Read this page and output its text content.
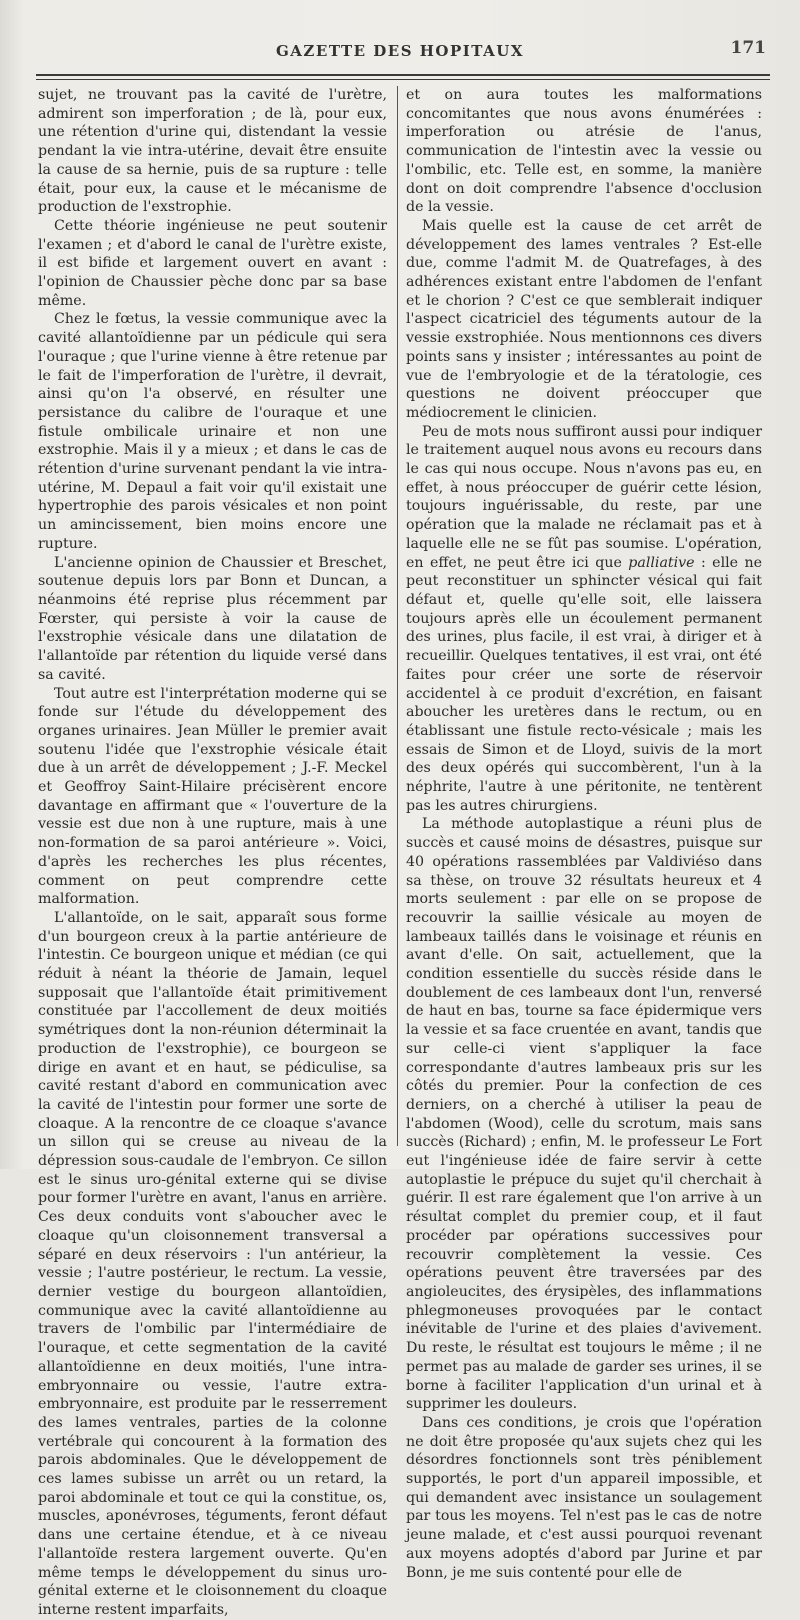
GAZETTE DES HOPITAUX	171

sujet, ne trouvant pas la cavité de l'urètre, admirent son imperforation ; de là, pour eux, une rétention d'urine qui, distendant la vessie pendant la vie intra-utérine, devait être ensuite la cause de sa hernie, puis de sa rupture : telle était, pour eux, la cause et le mécanisme de production de l'exstrophie.

Cette théorie ingénieuse ne peut soutenir l'examen ; et d'abord le canal de l'urètre existe, il est bifide et largement ouvert en avant : l'opinion de Chaussier pèche donc par sa base même.

Chez le fœtus, la vessie communique avec la cavité allantoïdienne par un pédicule qui sera l'ouraque ; que l'urine vienne à être retenue par le fait de l'imperforation de l'urètre, il devrait, ainsi qu'on l'a observé, en résulter une persistance du calibre de l'ouraque et une fistule ombilicale urinaire et non une exstrophie. Mais il y a mieux ; et dans le cas de rétention d'urine survenant pendant la vie intra-utérine, M. Depaul a fait voir qu'il existait une hypertrophie des parois vésicales et non point un amincissement, bien moins encore une rupture.

L'ancienne opinion de Chaussier et Breschet, soutenue depuis lors par Bonn et Duncan, a néanmoins été reprise plus récemment par Fœrster, qui persiste à voir la cause de l'exstrophie vésicale dans une dilatation de l'allantoïde par rétention du liquide versé dans sa cavité.

Tout autre est l'interprétation moderne qui se fonde sur l'étude du développement des organes urinaires. Jean Müller le premier avait soutenu l'idée que l'exstrophie vésicale était due à un arrêt de développement ; J.-F. Meckel et Geoffroy Saint-Hilaire précisèrent encore davantage en affirmant que « l'ouverture de la vessie est due non à une rupture, mais à une non-formation de sa paroi antérieure ». Voici, d'après les recherches les plus récentes, comment on peut comprendre cette malformation.

L'allantoïde, on le sait, apparaît sous forme d'un bourgeon creux à la partie antérieure de l'intestin. Ce bourgeon unique et médian (ce qui réduit à néant la théorie de Jamain, lequel supposait que l'allantoïde était primitivement constituée par l'accollement de deux moitiés symétriques dont la non-réunion déterminait la production de l'exstrophie), ce bourgeon se dirige en avant et en haut, se pédiculise, sa cavité restant d'abord en communication avec la cavité de l'intestin pour former une sorte de cloaque. A la rencontre de ce cloaque s'avance un sillon qui se creuse au niveau de la dépression sous-caudale de l'embryon. Ce sillon est le sinus uro-génital externe qui se divise pour former l'urètre en avant, l'anus en arrière. Ces deux conduits vont s'aboucher avec le cloaque qu'un cloisonnement transversal a séparé en deux réservoirs : l'un antérieur, la vessie ; l'autre postérieur, le rectum. La vessie, dernier vestige du bourgeon allantoïdien, communique avec la cavité allantoïdienne au travers de l'ombilic par l'intermédiaire de l'ouraque, et cette segmentation de la cavité allantoïdienne en deux moitiés, l'une intra-embryonnaire ou vessie, l'autre extra-embryonnaire, est produite par le resserrement des lames ventrales, parties de la colonne vertébrale qui concourent à la formation des parois abdominales. Que le développement de ces lames subisse un arrêt ou un retard, la paroi abdominale et tout ce qui la constitue, os, muscles, aponévroses, téguments, feront défaut dans une certaine étendue, et à ce niveau l'allantoïde restera largement ouverte. Qu'en même temps le développement du sinus uro-génital externe et le cloisonnement du cloaque interne restent imparfaits,

et on aura toutes les malformations concomitantes que nous avons énumérées : imperforation ou atrésie de l'anus, communication de l'intestin avec la vessie ou l'ombilic, etc. Telle est, en somme, la manière dont on doit comprendre l'absence d'occlusion de la vessie.

Mais quelle est la cause de cet arrêt de développement des lames ventrales ? Est-elle due, comme l'admit M. de Quatrefages, à des adhérences existant entre l'abdomen de l'enfant et le chorion ? C'est ce que semblerait indiquer l'aspect cicatriciel des téguments autour de la vessie exstrophiée. Nous mentionnons ces divers points sans y insister ; intéressantes au point de vue de l'embryologie et de la tératologie, ces questions ne doivent préoccuper que médiocrement le clinicien.

Peu de mots nous suffiront aussi pour indiquer le traitement auquel nous avons eu recours dans le cas qui nous occupe. Nous n'avons pas eu, en effet, à nous préoccuper de guérir cette lésion, toujours inguérissable, du reste, par une opération que la malade ne réclamait pas et à laquelle elle ne se fût pas soumise. L'opération, en effet, ne peut être ici que palliative : elle ne peut reconstituer un sphincter vésical qui fait défaut et, quelle qu'elle soit, elle laissera toujours après elle un écoulement permanent des urines, plus facile, il est vrai, à diriger et à recueillir. Quelques tentatives, il est vrai, ont été faites pour créer une sorte de réservoir accidentel à ce produit d'excrétion, en faisant aboucher les uretères dans le rectum, ou en établissant une fistule recto-vésicale ; mais les essais de Simon et de Lloyd, suivis de la mort des deux opérés qui succombèrent, l'un à la néphrite, l'autre à une péritonite, ne tentèrent pas les autres chirurgiens.

La méthode autoplastique a réuni plus de succès et causé moins de désastres, puisque sur 40 opérations rassemblées par Valdiviéso dans sa thèse, on trouve 32 résultats heureux et 4 morts seulement : par elle on se propose de recouvrir la saillie vésicale au moyen de lambeaux taillés dans le voisinage et réunis en avant d'elle. On sait, actuellement, que la condition essentielle du succès réside dans le doublement de ces lambeaux dont l'un, renversé de haut en bas, tourne sa face épidermique vers la vessie et sa face cruentée en avant, tandis que sur celle-ci vient s'appliquer la face correspondante d'autres lambeaux pris sur les côtés du premier. Pour la confection de ces derniers, on a cherché à utiliser la peau de l'abdomen (Wood), celle du scrotum, mais sans succès (Richard) ; enfin, M. le professeur Le Fort eut l'ingénieuse idée de faire servir à cette autoplastie le prépuce du sujet qu'il cherchait à guérir. Il est rare également que l'on arrive à un résultat complet du premier coup, et il faut procéder par opérations successives pour recouvrir complètement la vessie. Ces opérations peuvent être traversées par des angioleucites, des érysipèles, des inflammations phlegmoneuses provoquées par le contact inévitable de l'urine et des plaies d'avivement. Du reste, le résultat est toujours le même ; il ne permet pas au malade de garder ses urines, il se borne à faciliter l'application d'un urinal et à supprimer les douleurs.

Dans ces conditions, je crois que l'opération ne doit être proposée qu'aux sujets chez qui les désordres fonctionnels sont très péniblement supportés, le port d'un appareil impossible, et qui demandent avec insistance un soulagement par tous les moyens. Tel n'est pas le cas de notre jeune malade, et c'est aussi pourquoi revenant aux moyens adoptés d'abord par Jurine et par Bonn, je me suis contenté pour elle de
